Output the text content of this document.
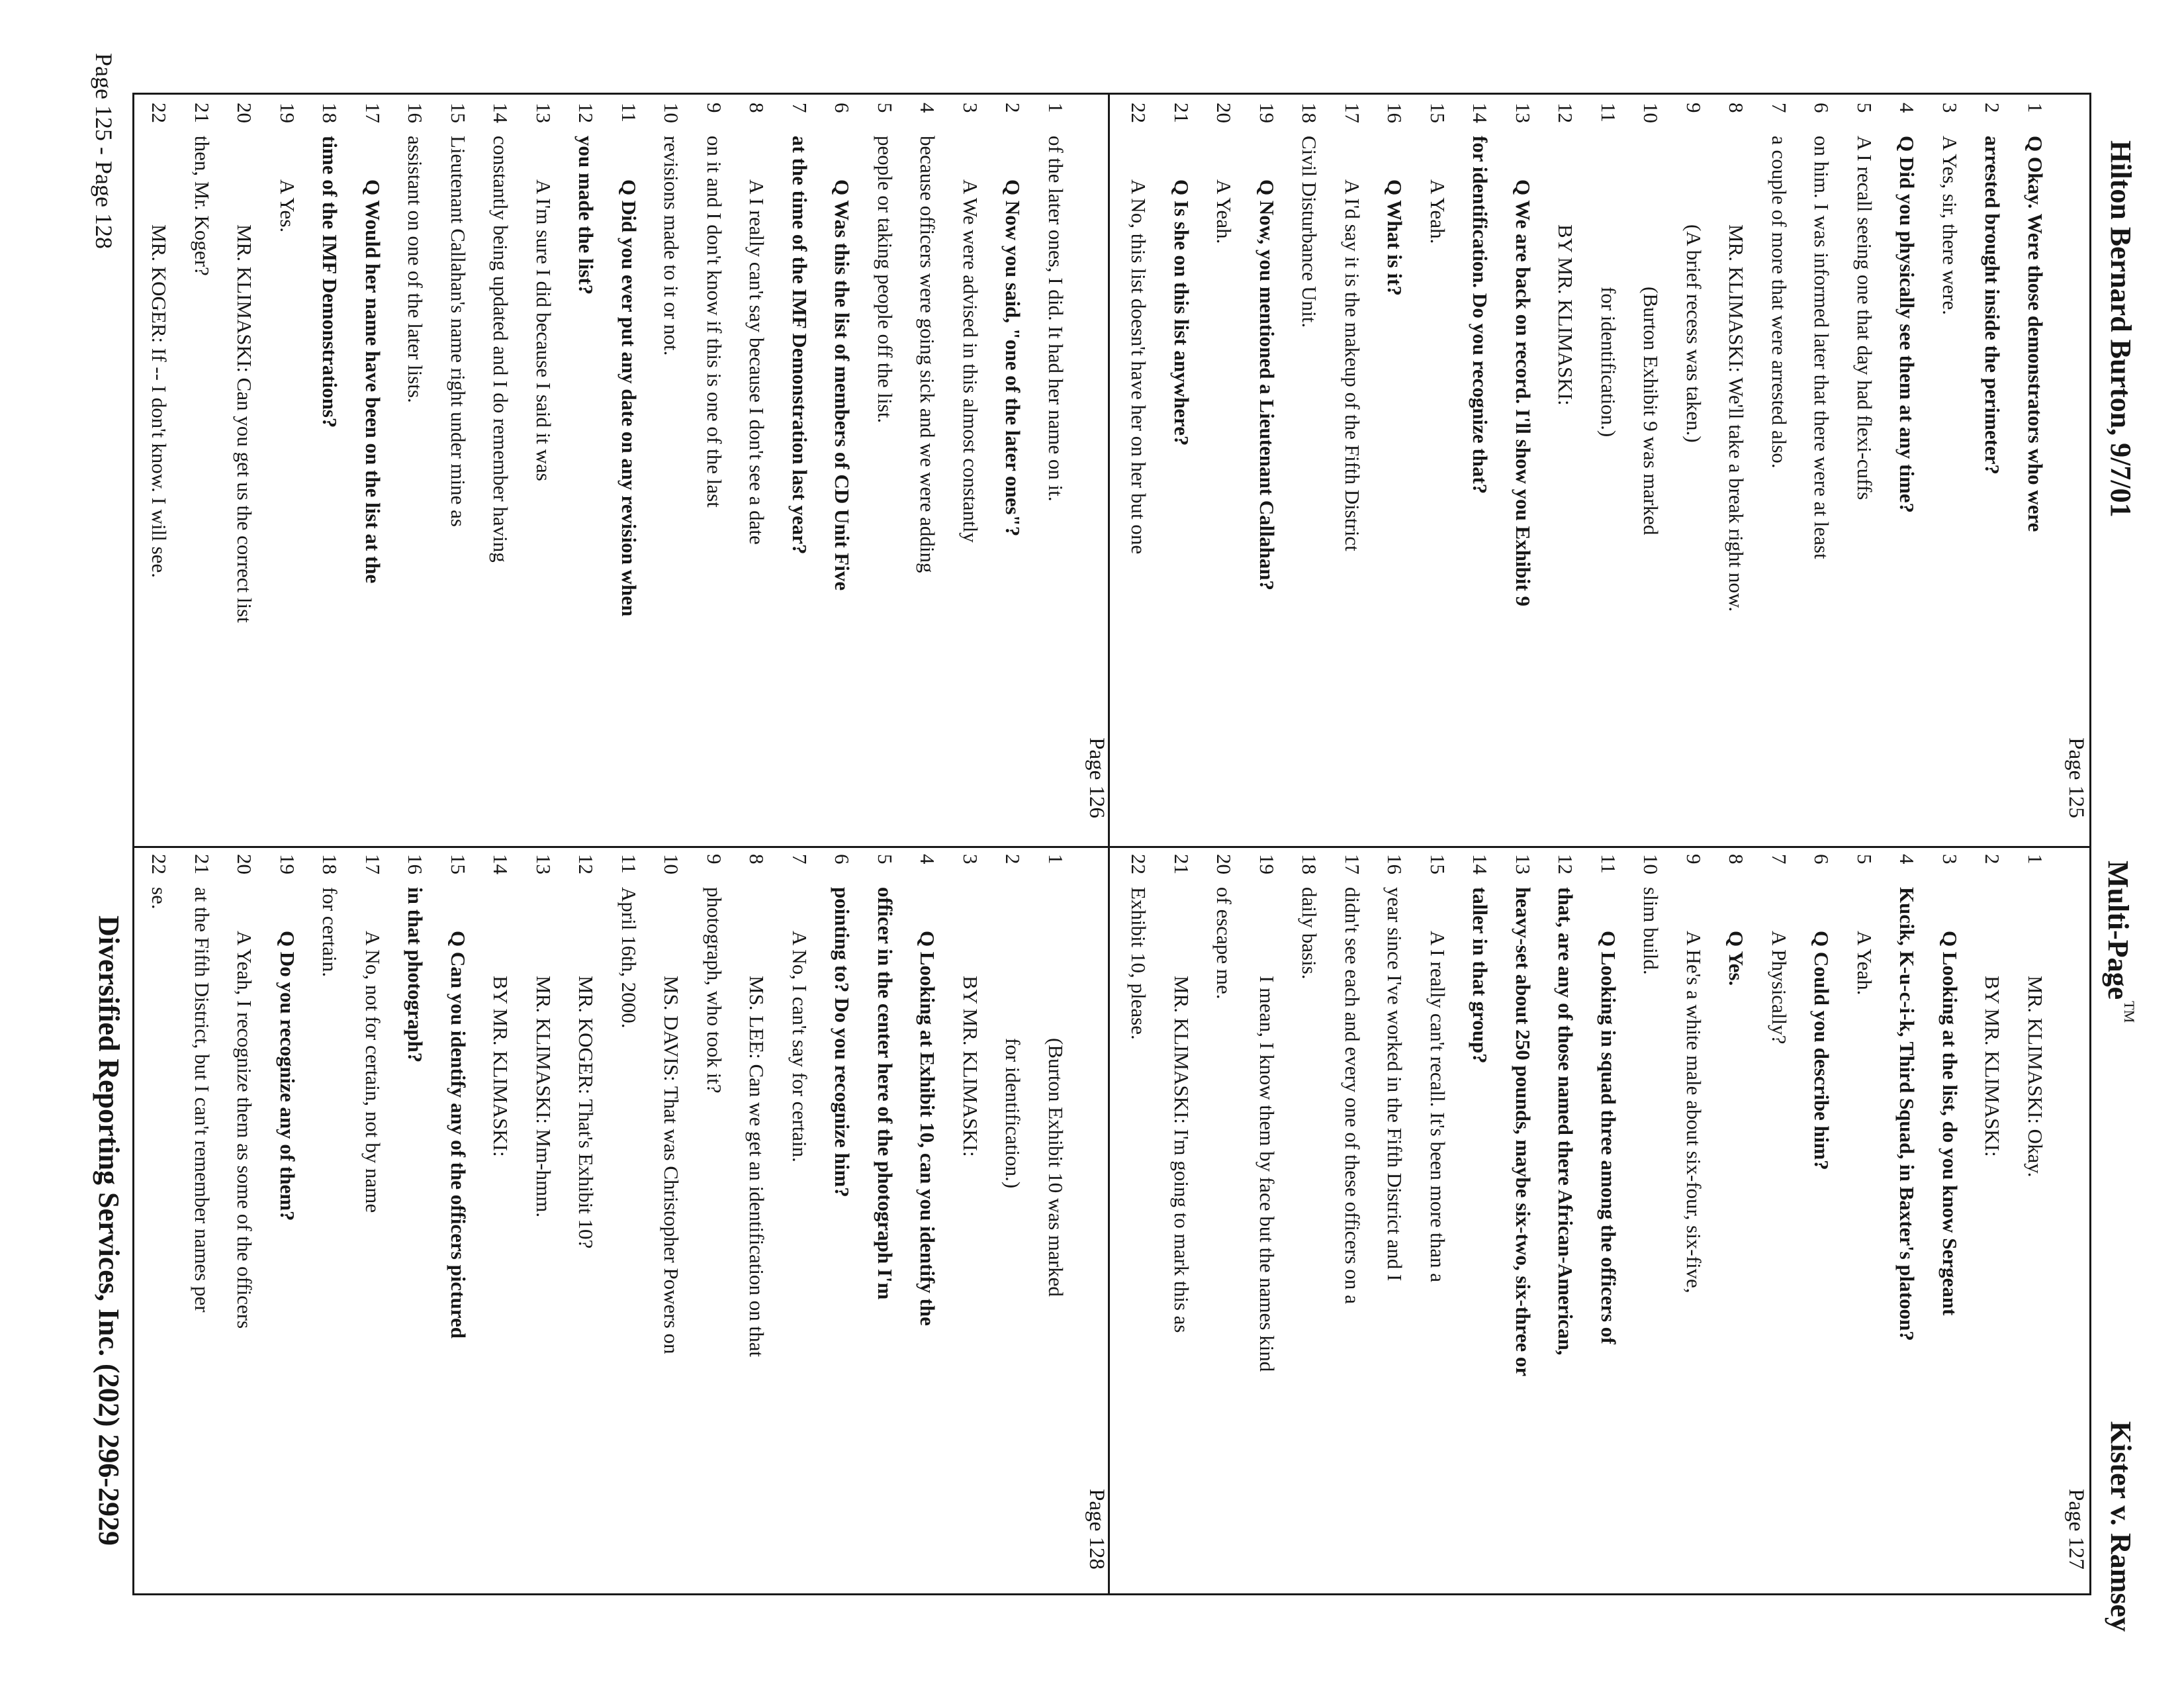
Hilton Bernard Burton, 9/7/01
Multi-Page™
Kister v. Ramsey
Page 125
1
Q Okay. Were those demonstrators who were
2
arrested brought inside the perimeter?
3
A Yes, sir, there were.
4
Q Did you physically see them at any time?
5
A I recall seeing one that day had flexi-cuffs
6
on him. I was informed later that there were at least
7
a couple of more that were arrested also.
8
MR. KLIMASKI: We'll take a break right now.
9
(A brief recess was taken.)
10
(Burton Exhibit 9 was marked
11
for identification.)
12
BY MR. KLIMASKI:
13
Q We are back on record. I'll show you Exhibit 9
14
for identification. Do you recognize that?
15
A Yeah.
16
Q What is it?
17
A I'd say it is the makeup of the Fifth District
18
Civil Disturbance Unit.
19
Q Now, you mentioned a Lieutenant Callahan?
20
A Yeah.
21
Q Is she on this list anywhere?
22
A No, this list doesn't have her on her but one
Page 127
1
MR. KLIMASKI: Okay.
2
BY MR. KLIMASKI:
3
Q Looking at the list, do you know Sergeant
4
Kucik, K-u-c-i-k, Third Squad, in Baxter's platoon?
5
A Yeah.
6
Q Could you describe him?
7
A Physically?
8
Q Yes.
9
A He's a white male about six-four, six-five,
10
slim build.
11
Q Looking in squad three among the officers of
12
that, are any of those named there African-American,
13
heavy-set about 250 pounds, maybe six-two, six-three or
14
taller in that group?
15
A I really can't recall. It's been more than a
16
year since I've worked in the Fifth District and I
17
didn't see each and every one of these officers on a
18
daily basis.
19
I mean, I know them by face but the names kind
20
of escape me.
21
MR. KLIMASKI: I'm going to mark this as
22
Exhibit 10, please.
Page 126
1
of the later ones, I did. It had her name on it.
2
Q Now you said, "one of the later ones"?
3
A We were advised in this almost constantly
4
because officers were going sick and we were adding
5
people or taking people off the list.
6
Q Was this the list of members of CD Unit Five
7
at the time of the IMF Demonstration last year?
8
A I really can't say because I don't see a date
9
on it and I don't know if this is one of the last
10
revisions made to it or not.
11
Q Did you ever put any date on any revision when
12
you made the list?
13
A I'm sure I did because I said it was
14
constantly being updated and I do remember having
15
Lieutenant Callahan's name right under mine as
16
assistant on one of the later lists.
17
Q Would her name have been on the list at the
18
time of the IMF Demonstrations?
19
A Yes.
20
MR. KLIMASKI: Can you get us the correct list
21
then, Mr. Koger?
22
MR. KOGER: If -- I don't know. I will see.
Page 128
1
(Burton Exhibit 10 was marked
2
for identification.)
3
BY MR. KLIMASKI:
4
Q Looking at Exhibit 10, can you identify the
5
officer in the center here of the photograph I'm
6
pointing to? Do you recognize him?
7
A No, I can't say for certain.
8
MS. LEE: Can we get an identification on that
9
photograph, who took it?
10
MS. DAVIS: That was Christopher Powers on
11
April 16th, 2000.
12
MR. KOGER: That's Exhibit 10?
13
MR. KLIMASKI: Mm-hmm.
14
BY MR. KLIMASKI:
15
Q Can you identify any of the officers pictured
16
in that photograph?
17
A No, not for certain, not by name
18
for certain.
19
Q Do you recognize any of them?
20
A Yeah, I recognize them as some of the officers
21
at the Fifth District, but I can't remember names per
22
se.
Page 125 - Page 128
Diversified Reporting Services, Inc. (202) 296-2929
